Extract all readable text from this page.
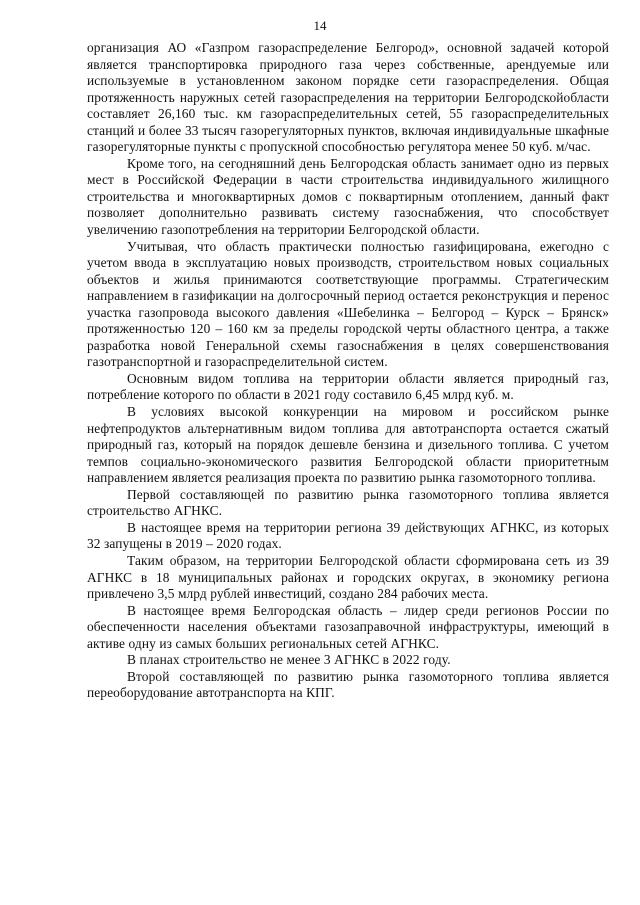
14

организация АО «Газпром газораспределение Белгород», основной задачей которой является транспортировка природного газа через собственные, арендуемые или используемые в установленном законом порядке сети газораспределения. Общая протяженность наружных сетей газораспределения на территории Белгородскойобласти составляет 26,160 тыс. км газораспределительных сетей, 55 газораспределительных станций и более 33 тысяч газорегуляторных пунктов, включая индивидуальные шкафные газорегуляторные пункты с пропускной способностью регулятора менее 50 куб. м/час.

Кроме того, на сегодняшний день Белгородская область занимает одно из первых мест в Российской Федерации в части строительства индивидуального жилищного строительства и многоквартирных домов с поквартирным отоплением, данный факт позволяет дополнительно развивать систему газоснабжения, что способствует увеличению газопотребления на территории Белгородской области.

Учитывая, что область практически полностью газифицирована, ежегодно с учетом ввода в эксплуатацию новых производств, строительством новых социальных объектов и жилья принимаются соответствующие программы. Стратегическим направлением в газификации на долгосрочный период остается реконструкция и перенос участка газопровода высокого давления «Шебелинка – Белгород – Курск – Брянск» протяженностью 120 – 160 км за пределы городской черты областного центра, а также разработка новой Генеральной схемы газоснабжения в целях совершенствования газотранспортной и газораспределительной систем.

Основным видом топлива на территории области является природный газ, потребление которого по области в 2021 году составило 6,45 млрд куб. м.

В условиях высокой конкуренции на мировом и российском рынке нефтепродуктов альтернативным видом топлива для автотранспорта остается сжатый природный газ, который на порядок дешевле бензина и дизельного топлива. С учетом темпов социально-экономического развития Белгородской области приоритетным направлением является реализация проекта по развитию рынка газомоторного топлива.

Первой составляющей по развитию рынка газомоторного топлива является строительство АГНКС.

В настоящее время на территории региона 39 действующих АГНКС, из которых 32 запущены в 2019 – 2020 годах.

Таким образом, на территории Белгородской области сформирована сеть из 39 АГНКС в 18 муниципальных районах и городских округах, в экономику региона привлечено 3,5 млрд рублей инвестиций, создано 284 рабочих места.

В настоящее время Белгородская область – лидер среди регионов России по обеспеченности населения объектами газозаправочной инфраструктуры, имеющий в активе одну из самых больших региональных сетей АГНКС.

В планах строительство не менее 3 АГНКС в 2022 году.

Второй составляющей по развитию рынка газомоторного топлива является переоборудование автотранспорта на КПГ.
